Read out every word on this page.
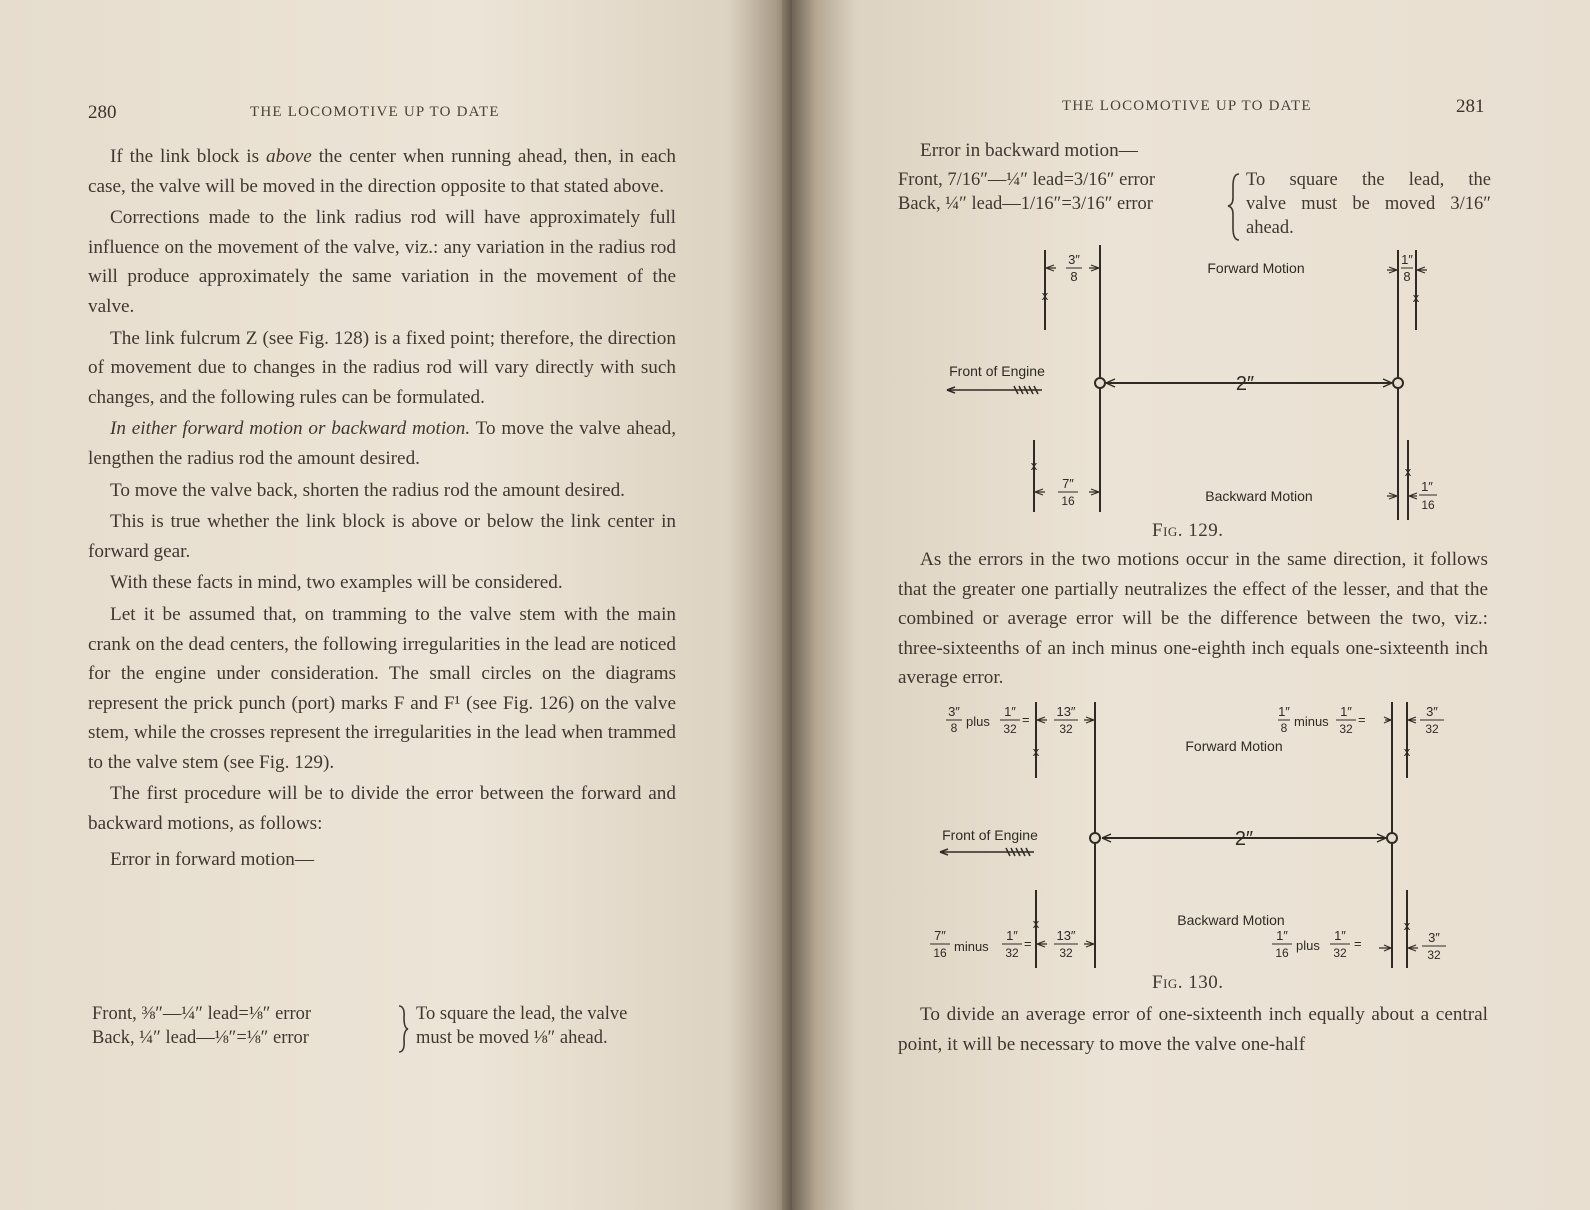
280	THE LOCOMOTIVE UP TO DATE

If the link block is above the center when running ahead, then, in each case, the valve will be moved in the direction opposite to that stated above.

Corrections made to the link radius rod will have approximately full influence on the movement of the valve, viz.: any variation in the radius rod will produce approximately the same variation in the movement of the valve.

The link fulcrum Z (see Fig. 128) is a fixed point; therefore, the direction of movement due to changes in the radius rod will vary directly with such changes, and the following rules can be formulated.

In either forward motion or backward motion. To move the valve ahead, lengthen the radius rod the amount desired.

To move the valve back, shorten the radius rod the amount desired.

This is true whether the link block is above or below the link center in forward gear.

With these facts in mind, two examples will be considered.

Let it be assumed that, on tramming to the valve stem with the main crank on the dead centers, the following irregularities in the lead are noticed for the engine under consideration. The small circles on the diagrams represent the prick punch (port) marks F and F¹ (see Fig. 126) on the valve stem, while the crosses represent the irregularities in the lead when trammed to the valve stem (see Fig. 129).

The first procedure will be to divide the error between the forward and backward motions, as follows:

Error in forward motion—

Front, ⅜″—¼″ lead=⅛″ error
Back, ¼″ lead—⅛″=⅛″ error
To square the lead, the valve
must be moved ⅛″ ahead.
THE LOCOMOTIVE UP TO DATE	281
Error in backward motion—
Front, 7/16″—¼″ lead=3/16″ error
Back, ¼″ lead—1/16″=3/16″ error
To square the lead, the
valve must be moved 3/16″
ahead.
2″
Front of Engine
Forward Motion
Backward Motion
x	x
x	x
3″
8
1″
8
7″
16
1″
16
Fig. 129.

As the errors in the two motions occur in the same direction, it follows that the greater one partially neutralizes the effect of the lesser, and that the combined or average error will be the difference between the two, viz.: three-sixteenths of an inch minus one-eighth inch equals one-sixteenth inch average error.

2″
Front of Engine
Forward Motion
Backward Motion
x	x
x	x
3″
8 plus
1″
32
=
13″
32
1″
8 minus
1″
32
=
3″
32
7″
16 minus
1″
32
=
13″
32
1″
16 plus
1″
32
=	3″
32
Fig. 130.

To divide an average error of one-sixteenth inch equally about a central point, it will be necessary to move the valve one-half
